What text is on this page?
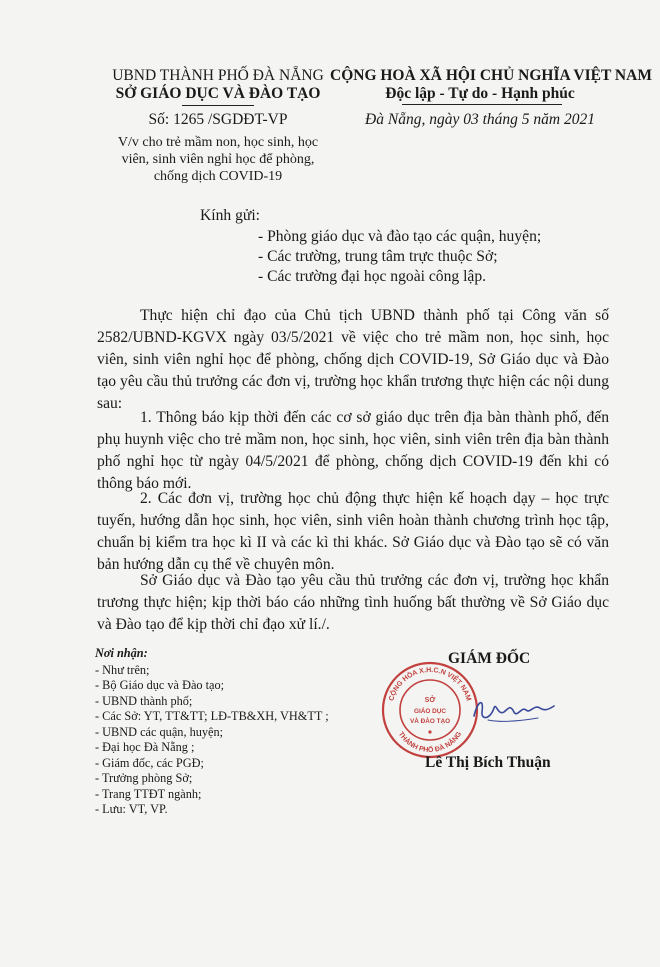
UBND THÀNH PHỐ ĐÀ NẴNG
SỞ GIÁO DỤC VÀ ĐÀO TẠO
Số: 1265 /SGDĐT-VP
V/v cho trẻ mầm non, học sinh, học
viên, sinh viên nghỉ học để phòng,
chống dịch COVID-19
CỘNG HOÀ XÃ HỘI CHỦ NGHĨA VIỆT NAM
Độc lập - Tự do - Hạnh phúc
Đà Nẵng, ngày 03 tháng 5 năm 2021
Kính gửi:
- Phòng giáo dục và đào tạo các quận, huyện;
- Các trường, trung tâm trực thuộc Sở;
- Các trường đại học ngoài công lập.

Thực hiện chỉ đạo của Chủ tịch UBND thành phố tại Công văn số 2582/UBND-KGVX ngày 03/5/2021 về việc cho trẻ mầm non, học sinh, học viên, sinh viên nghỉ học để phòng, chống dịch COVID-19, Sở Giáo dục và Đào tạo yêu cầu thủ trưởng các đơn vị, trường học khẩn trương thực hiện các nội dung sau:

1. Thông báo kịp thời đến các cơ sở giáo dục trên địa bàn thành phố, đến phụ huynh việc cho trẻ mầm non, học sinh, học viên, sinh viên trên địa bàn thành phố nghỉ học từ ngày 04/5/2021 để phòng, chống dịch COVID-19 đến khi có thông báo mới.

2. Các đơn vị, trường học chủ động thực hiện kế hoạch dạy – học trực tuyến, hướng dẫn học sinh, học viên, sinh viên hoàn thành chương trình học tập, chuẩn bị kiểm tra học kì II và các kì thi khác. Sở Giáo dục và Đào tạo sẽ có văn bản hướng dẫn cụ thể về chuyên môn.

Sở Giáo dục và Đào tạo yêu cầu thủ trưởng các đơn vị, trường học khẩn trương thực hiện; kịp thời báo cáo những tình huống bất thường về Sở Giáo dục và Đào tạo để kịp thời chỉ đạo xử lí./.

Nơi nhận:
- Như trên;
- Bộ Giáo dục và Đào tạo;
- UBND thành phố;
- Các Sở: YT, TT&TT; LĐ-TB&XH, VH&TT ;
- UBND các quận, huyện;
- Đại học Đà Nẵng ;
- Giám đốc, các PGĐ;
- Trưởng phòng Sở;
- Trang TTĐT ngành;
- Lưu: VT, VP.
GIÁM ĐỐC
CỘNG HÒA X.H.C.N VIỆT NAM
THÀNH PHỐ ĐÀ NẴNG
SỞ
GIÁO DỤC
VÀ ĐÀO TẠO
Lê Thị Bích Thuận
